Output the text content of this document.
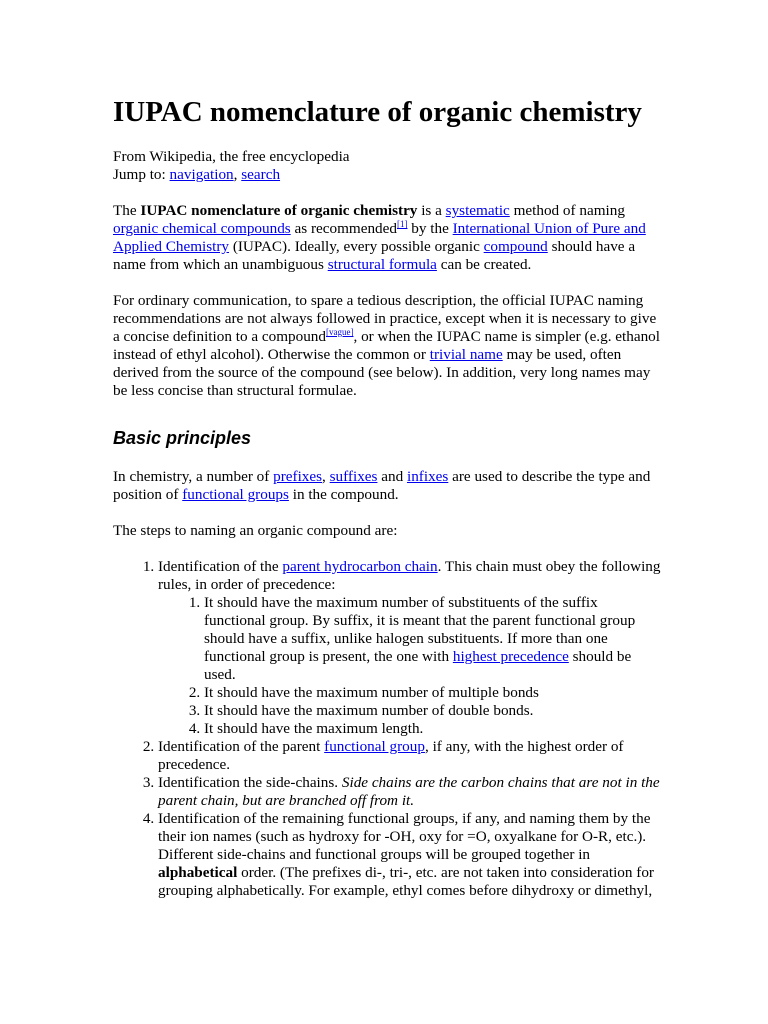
IUPAC nomenclature of organic chemistry
From Wikipedia, the free encyclopedia
Jump to: navigation, search

The IUPAC nomenclature of organic chemistry is a systematic method of naming organic chemical compounds as recommended[1] by the International Union of Pure and Applied Chemistry (IUPAC). Ideally, every possible organic compound should have a name from which an unambiguous structural formula can be created.

For ordinary communication, to spare a tedious description, the official IUPAC naming recommendations are not always followed in practice, except when it is necessary to give a concise definition to a compound[vague], or when the IUPAC name is simpler (e.g. ethanol instead of ethyl alcohol). Otherwise the common or trivial name may be used, often derived from the source of the compound (see below). In addition, very long names may be less concise than structural formulae.

Basic principles

In chemistry, a number of prefixes, suffixes and infixes are used to describe the type and position of functional groups in the compound.

The steps to naming an organic compound are:

1. Identification of the parent hydrocarbon chain. This chain must obey the following rules, in order of precedence:
1. It should have the maximum number of substituents of the suffix functional group. By suffix, it is meant that the parent functional group should have a suffix, unlike halogen substituents. If more than one functional group is present, the one with highest precedence should be used.
2. It should have the maximum number of multiple bonds
3. It should have the maximum number of double bonds.
4. It should have the maximum length.
2. Identification of the parent functional group, if any, with the highest order of precedence.
3. Identification the side-chains. Side chains are the carbon chains that are not in the parent chain, but are branched off from it.
4. Identification of the remaining functional groups, if any, and naming them by the their ion names (such as hydroxy for -OH, oxy for =O, oxyalkane for O-R, etc.). Different side-chains and functional groups will be grouped together in alphabetical order. (The prefixes di-, tri-, etc. are not taken into consideration for grouping alphabetically. For example, ethyl comes before dihydroxy or dimethyl,
